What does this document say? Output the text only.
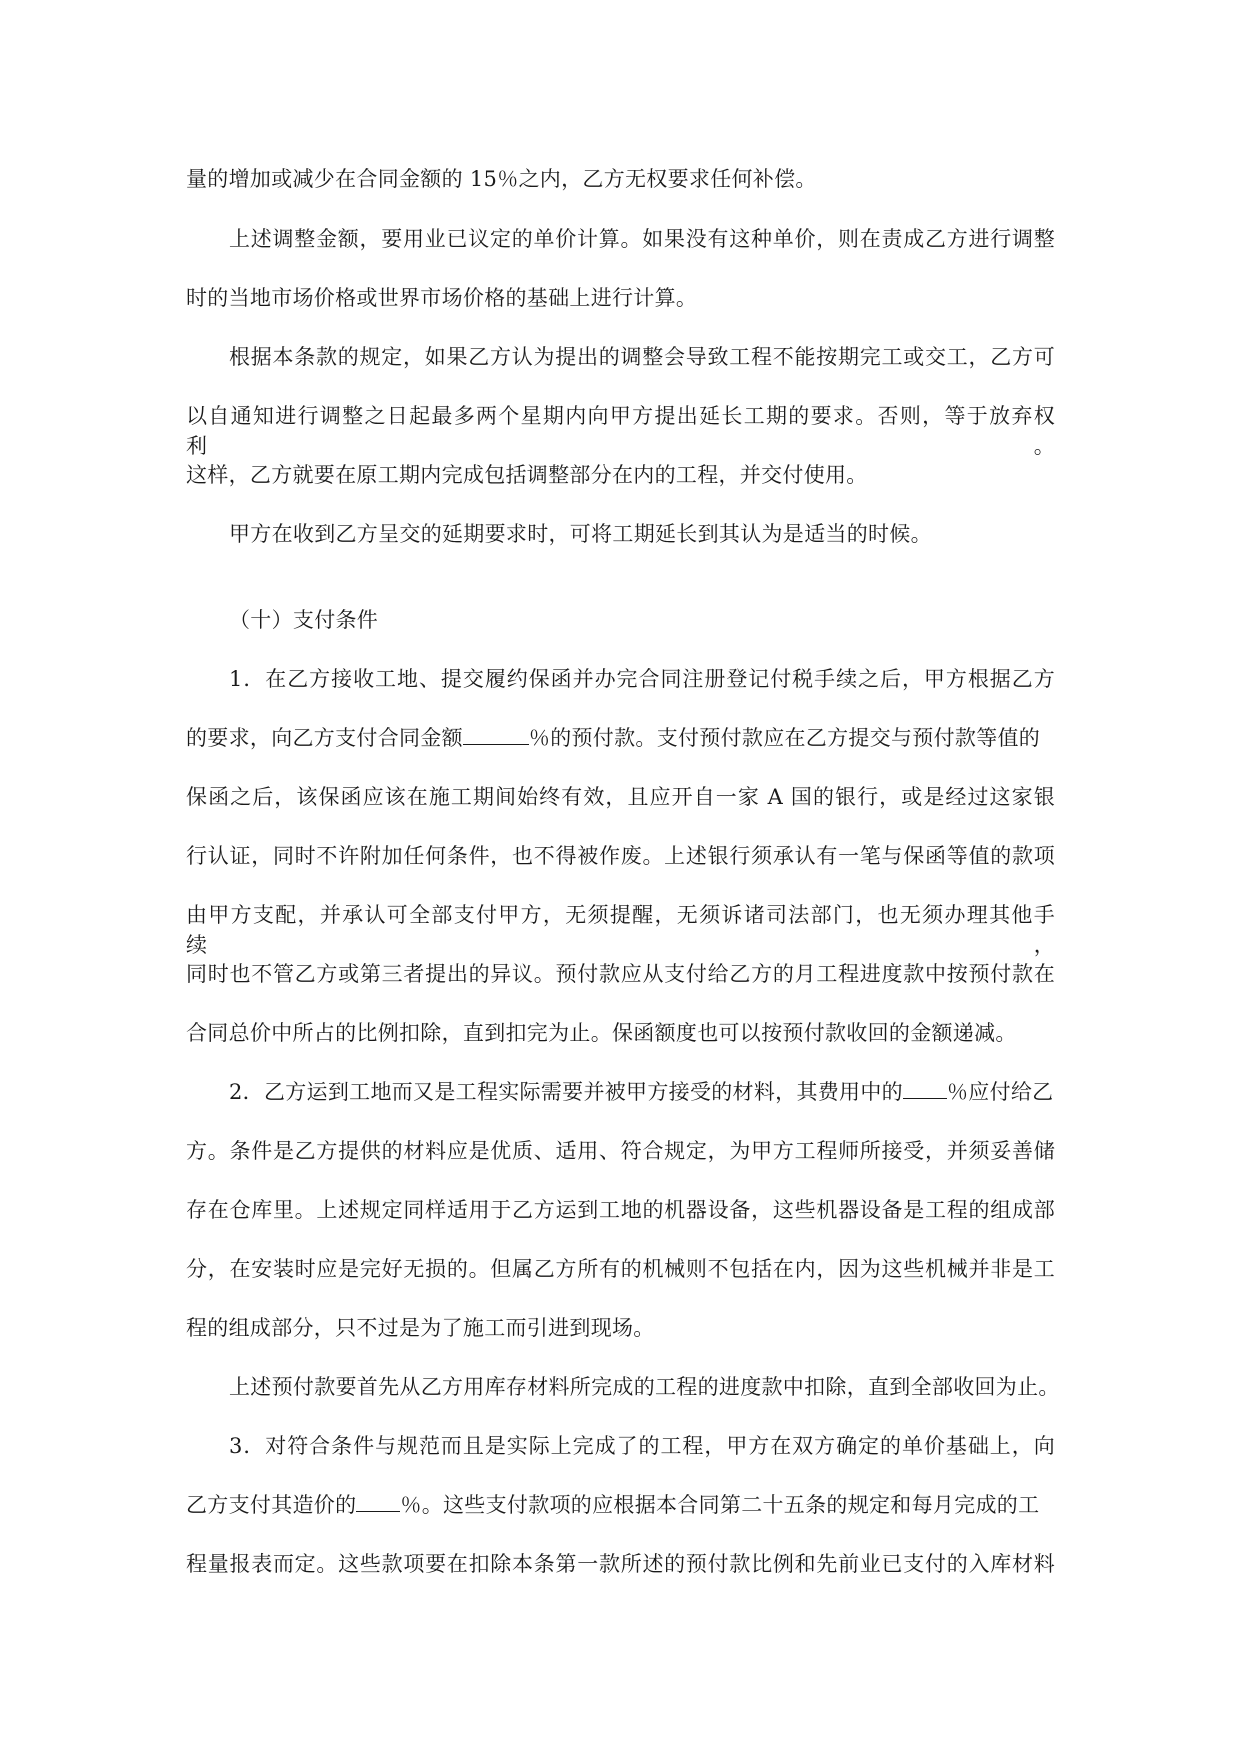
量的增加或减少在合同金额的 15％之内，乙方无权要求任何补偿。
上述调整金额，要用业已议定的单价计算。如果没有这种单价，则在责成乙方进行调整
时的当地市场价格或世界市场价格的基础上进行计算。
根据本条款的规定，如果乙方认为提出的调整会导致工程不能按期完工或交工，乙方可
以自通知进行调整之日起最多两个星期内向甲方提出延长工期的要求。否则，等于放弃权利。
这样，乙方就要在原工期内完成包括调整部分在内的工程，并交付使用。
甲方在收到乙方呈交的延期要求时，可将工期延长到其认为是适当的时候。
（十）支付条件
1．在乙方接收工地、提交履约保函并办完合同注册登记付税手续之后，甲方根据乙方
的要求，向乙方支付合同金额	％的预付款。支付预付款应在乙方提交与预付款等值的
保函之后，该保函应该在施工期间始终有效，且应开自一家 A 国的银行，或是经过这家银
行认证，同时不许附加任何条件，也不得被作废。上述银行须承认有一笔与保函等值的款项
由甲方支配，并承认可全部支付甲方，无须提醒，无须诉诸司法部门，也无须办理其他手续，
同时也不管乙方或第三者提出的异议。预付款应从支付给乙方的月工程进度款中按预付款在
合同总价中所占的比例扣除，直到扣完为止。保函额度也可以按预付款收回的金额递减。
2．乙方运到工地而又是工程实际需要并被甲方接受的材料，其费用中的 ％应付给乙
方。条件是乙方提供的材料应是优质、适用、符合规定，为甲方工程师所接受，并须妥善储
存在仓库里。上述规定同样适用于乙方运到工地的机器设备，这些机器设备是工程的组成部
分，在安装时应是完好无损的。但属乙方所有的机械则不包括在内，因为这些机械并非是工
程的组成部分，只不过是为了施工而引进到现场。
上述预付款要首先从乙方用库存材料所完成的工程的进度款中扣除，直到全部收回为止。
3．对符合条件与规范而且是实际上完成了的工程，甲方在双方确定的单价基础上，向
乙方支付其造价的 ％。这些支付款项的应根据本合同第二十五条的规定和每月完成的工
程量报表而定。这些款项要在扣除本条第一款所述的预付款比例和先前业已支付的入库材料
